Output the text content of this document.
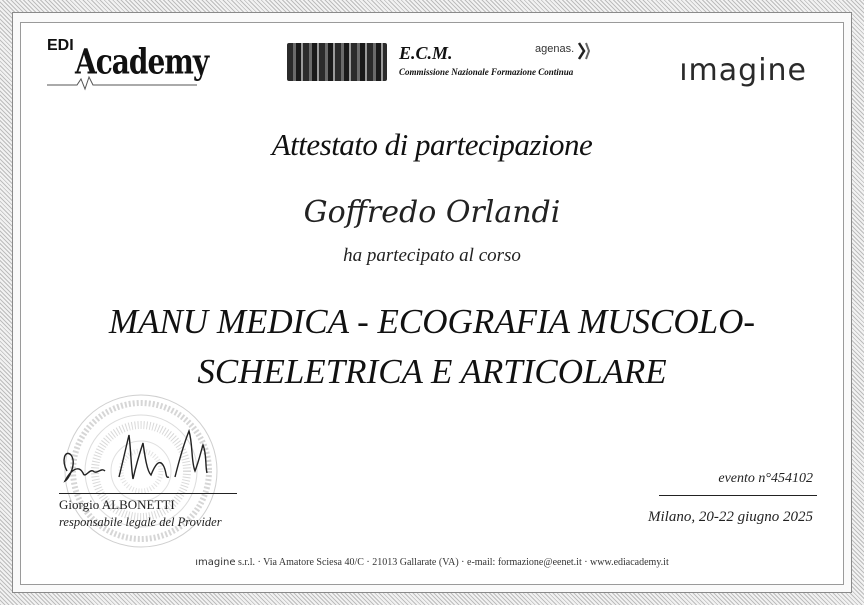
EDI Academy	E.C.M.
Commissione Nazionale Formazione Continua
agenas.
ımagine
Attestato di partecipazione
Goffredo Orlandi
ha partecipato al corso
MANU MEDICA - ECOGRAFIA MUSCOLO-
SCHELETRICA E ARTICOLARE
Giorgio ALBONETTI
responsabile legale del Provider
evento n°454102
Milano, 20-22 giugno 2025
ımagine s.r.l. · Via Amatore Sciesa 40/C · 21013 Gallarate (VA) · e-mail: formazione@eenet.it · www.ediacademy.it
